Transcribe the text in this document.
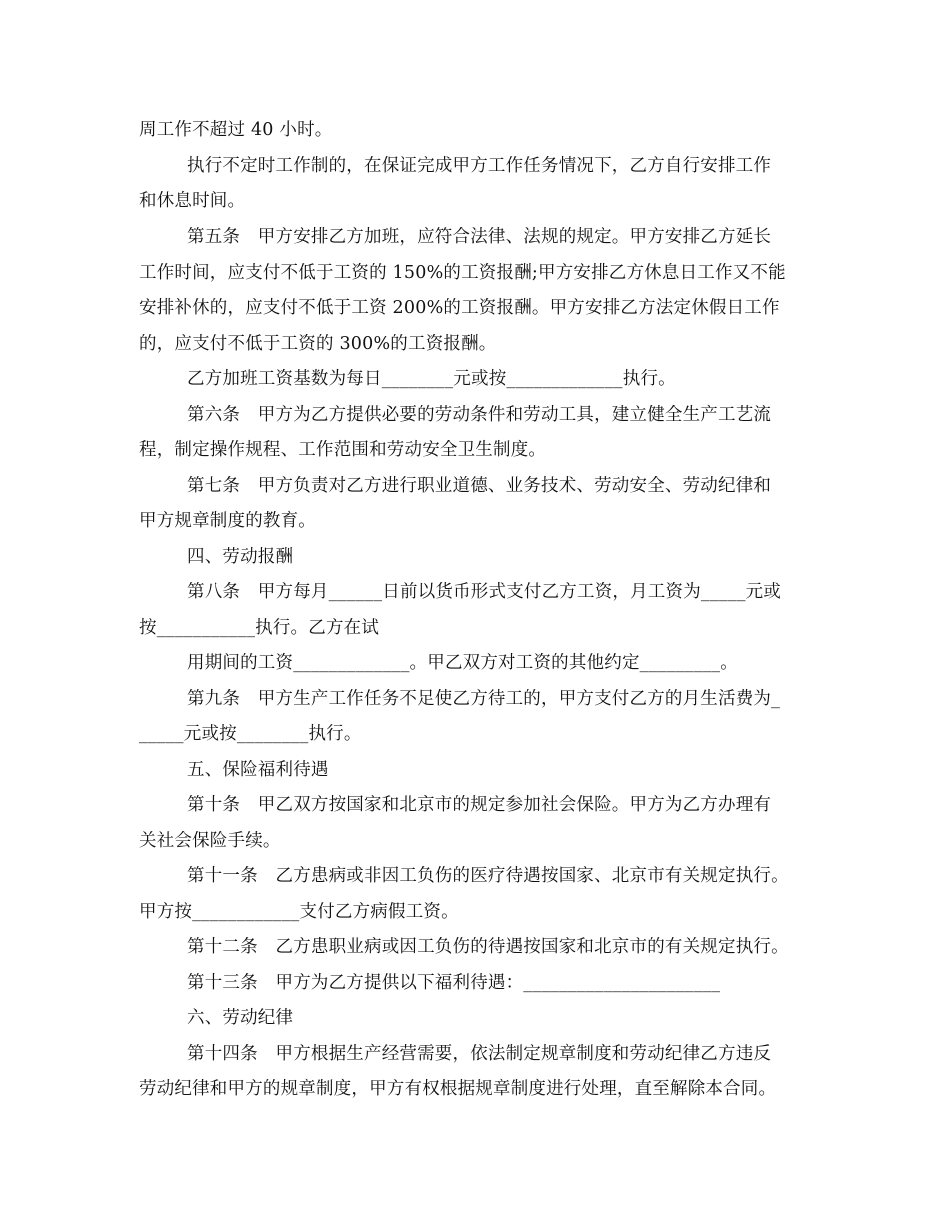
周工作不超过 40 小时。
执行不定时工作制的，在保证完成甲方工作任务情况下，乙方自行安排工作
和休息时间。
第五条　甲方安排乙方加班，应符合法律、法规的规定。甲方安排乙方延长
工作时间，应支付不低于工资的 150%的工资报酬;甲方安排乙方休息日工作又不能
安排补休的，应支付不低于工资 200%的工资报酬。甲方安排乙方法定休假日工作
的，应支付不低于工资的 300%的工资报酬。
乙方加班工资基数为每日________元或按_____________执行。
第六条　甲方为乙方提供必要的劳动条件和劳动工具，建立健全生产工艺流
程，制定操作规程、工作范围和劳动安全卫生制度。
第七条　甲方负责对乙方进行职业道德、业务技术、劳动安全、劳动纪律和
甲方规章制度的教育。
四、劳动报酬
第八条　甲方每月______日前以货币形式支付乙方工资，月工资为_____元或
按___________执行。乙方在试
用期间的工资_____________。甲乙双方对工资的其他约定_________。
第九条　甲方生产工作任务不足使乙方待工的，甲方支付乙方的月生活费为_
_____元或按________执行。
五、保险福利待遇
第十条　甲乙双方按国家和北京市的规定参加社会保险。甲方为乙方办理有
关社会保险手续。
第十一条　乙方患病或非因工负伤的医疗待遇按国家、北京市有关规定执行。
甲方按____________支付乙方病假工资。
第十二条　乙方患职业病或因工负伤的待遇按国家和北京市的有关规定执行。
第十三条　甲方为乙方提供以下福利待遇：______________________
六、劳动纪律
第十四条　甲方根据生产经营需要，依法制定规章制度和劳动纪律乙方违反
劳动纪律和甲方的规章制度，甲方有权根据规章制度进行处理，直至解除本合同。
